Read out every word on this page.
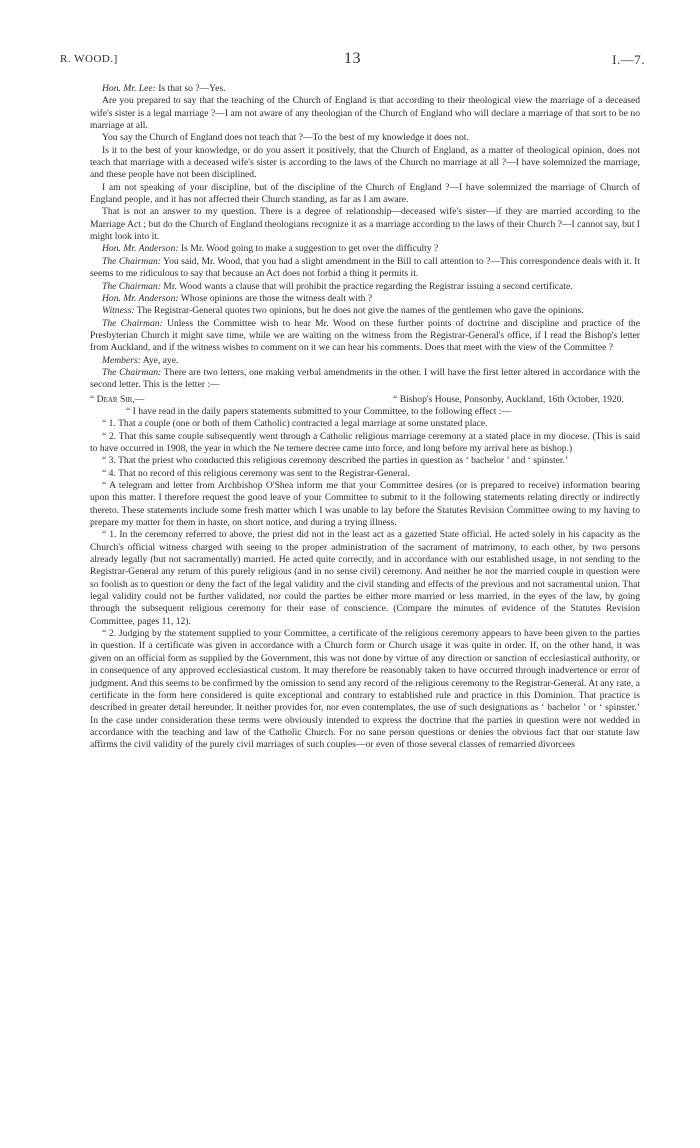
R. WOOD.]	13	I.—7.

Hon. Mr. Lee: Is that so ?—Yes.

Are you prepared to say that the teaching of the Church of England is that according to their theological view the marriage of a deceased wife's sister is a legal marriage ?—I am not aware of any theologian of the Church of England who will declare a marriage of that sort to be no marriage at all.

You say the Church of England does not teach that ?—To the best of my knowledge it does not.

Is it to the best of your knowledge, or do you assert it positively, that the Church of England, as a matter of theological opinion, does not teach that marriage with a deceased wife's sister is according to the laws of the Church no marriage at all ?—I have solemnized the marriage, and these people have not been disciplined.

I am not speaking of your discipline, but of the discipline of the Church of England ?—I have solemnized the marriage of Church of England people, and it has not affected their Church standing, as far as I am aware.

That is not an answer to my question. There is a degree of relationship—deceased wife's sister—if they are married according to the Marriage Act ; but do the Church of England theologians recognize it as a marriage according to the laws of their Church ?—I cannot say, but I might look into it.

Hon. Mr. Anderson: Is Mr. Wood going to make a suggestion to get over the difficulty ?

The Chairman: You said, Mr. Wood, that you had a slight amendment in the Bill to call attention to ?—This correspondence deals with it. It seems to me ridiculous to say that because an Act does not forbid a thing it permits it.

The Chairman: Mr. Wood wants a clause that will prohibit the practice regarding the Registrar issuing a second certificate.

Hon. Mr. Anderson: Whose opinions are those the witness dealt with ?

Witness: The Registrar-General quotes two opinions, but he does not give the names of the gentlemen who gave the opinions.

The Chairman: Unless the Committee wish to hear Mr. Wood on these further points of doctrine and discipline and practice of the Presbyterian Church it might save time, while we are waiting on the witness from the Registrar-General's office, if I read the Bishop's letter from Auckland, and if the witness wishes to comment on it we can hear his comments. Does that meet with the view of the Committee ?

Members: Aye, aye.

The Chairman: There are two letters, one making verbal amendments in the other. I will have the first letter altered in accordance with the second letter. This is the letter :—

“ Dear Sir,—	“ Bishop's House, Ponsonby, Auckland, 16th October, 1920.

“ I have read in the daily papers statements submitted to your Committee, to the following effect :—

“ 1. That a couple (one or both of them Catholic) contracted a legal marriage at some unstated place.

“ 2. That this same couple subsequently went through a Catholic religious marriage ceremony at a stated place in my diocese. (This is said to have occurred in 1908, the year in which the Ne temere decree came into force, and long before my arrival here as bishop.)

“ 3. That the priest who conducted this religious ceremony described the parties in question as ‘ bachelor ’ and ‘ spinster.’

“ 4. That no record of this religious ceremony was sent to the Registrar-General.

“ A telegram and letter from Archbishop O'Shea inform me that your Committee desires (or is prepared to receive) information bearing upon this matter. I therefore request the good leave of your Committee to submit to it the following statements relating directly or indirectly thereto. These statements include some fresh matter which I was unable to lay before the Statutes Revision Committee owing to my having to prepare my matter for them in haste, on short notice, and during a trying illness.

“ 1. In the ceremony referred to above, the priest did not in the least act as a gazetted State official. He acted solely in his capacity as the Church's official witness charged with seeing to the proper administration of the sacrament of matrimony, to each other, by two persons already legally (but not sacramentally) married. He acted quite correctly, and in accordance with our established usage, in not sending to the Registrar-General any return of this purely religious (and in no sense civil) ceremony. And neither he nor the married couple in question were so foolish as to question or deny the fact of the legal validity and the civil standing and effects of the previous and not sacramental union. That legal validity could not be further validated, nor could the parties be either more married or less married, in the eyes of the law, by going through the subsequent religious ceremony for their ease of conscience. (Compare the minutes of evidence of the Statutes Revision Committee, pages 11, 12).

“ 2. Judging by the statement supplied to your Committee, a certificate of the religious ceremony appears to have been given to the parties in question. If a certificate was given in accordance with a Church form or Church usage it was quite in order. If, on the other hand, it was given on an official form as supplied by the Government, this was not done by virtue of any direction or sanction of ecclesiastical authority, or in consequence of any approved ecclesiastical custom. It may therefore be reasonably taken to have occurred through inadvertence or error of judgment. And this seems to be confirmed by the omission to send any record of the religious ceremony to the Registrar-General. At any rate, a certificate in the form here considered is quite exceptional and contrary to established rule and practice in this Dominion. That practice is described in greater detail hereunder. It neither provides for, nor even contemplates, the use of such designations as ‘ bachelor ’ or ‘ spinster.’ In the case under consideration these terms were obviously intended to express the doctrine that the parties in question were not wedded in accordance with the teaching and law of the Catholic Church. For no sane person questions or denies the obvious fact that our statute law affirms the civil validity of the purely civil marriages of such couples—or even of those several classes of remarried divorcees
